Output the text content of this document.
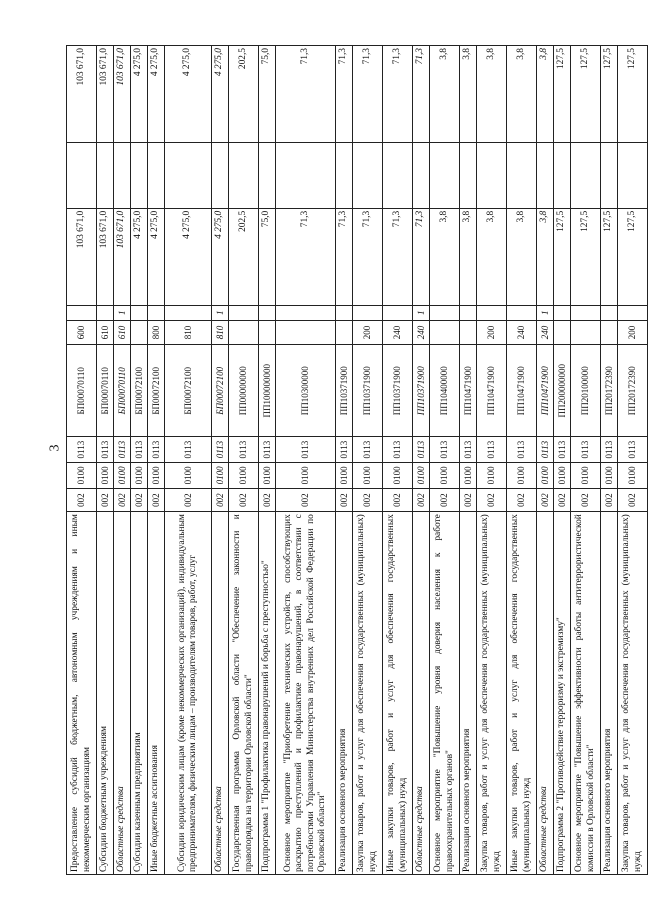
3
Предоставление субсидий бюджетным, автономным учреждениям и иным некоммерческим организациям	002	0100	0113	БП00070110	600		103 671,0		103 671,0
Субсидии бюджетным учреждениям	002	0100	0113	БП00070110	610		103 671,0		103 671,0
Областные средства	002	0100	0113	БП00070110	610	1	103 671,0		103 671,0
Субсидии казенным предприятиям	002	0100	0113	БП00072100			4 275,0		4 275,0
Иные бюджетные ассигнования	002	0100	0113	БП00072100	800		4 275,0		4 275,0
Субсидии юридическим лицам (кроме некоммерческих организаций), индивидуальным предпринимателям, физическим лицам – производителям товаров, работ, услуг	002	0100	0113	БП00072100	810		4 275,0		4 275,0
Областные средства	002	0100	0113	БП00072100	810	1	4 275,0		4 275,0
Государственная программа Орловской области "Обеспечение законности и правопорядка на территории Орловской области"	002	0100	0113	ПП00000000			202,5		202,5
Подпрограмма 1 "Профилактика правонарушений и борьба с преступностью"	002	0100	0113	ПП100000000			75,0		75,0
Основное мероприятие "Приобретение технических устройств, способствующих раскрытию преступлений и профилактике правонарушений, в соответствии с потребностями Управления Министерства внутренних дел Российской Федерации по Орловской области"	002	0100	0113	ПП10300000			71,3		71,3
Реализация основного мероприятия	002	0100	0113	ПП10371900			71,3		71,3
Закупка товаров, работ и услуг для обеспечения государственных (муниципальных) нужд	002	0100	0113	ПП10371900	200		71,3		71,3
Иные закупки товаров, работ и услуг для обеспечения государственных (муниципальных) нужд	002	0100	0113	ПП10371900	240		71,3		71,3
Областные средства	002	0100	0113	ПП10371900	240	1	71,3		71,3
Основное мероприятие "Повышение уровня доверия населения к работе правоохранительных органов"	002	0100	0113	ПП10400000			3,8		3,8
Реализация основного мероприятия	002	0100	0113	ПП10471900			3,8		3,8
Закупка товаров, работ и услуг для обеспечения государственных (муниципальных) нужд	002	0100	0113	ПП10471900	200		3,8		3,8
Иные закупки товаров, работ и услуг для обеспечения государственных (муниципальных) нужд	002	0100	0113	ПП10471900	240		3,8		3,8
Областные средства	002	0100	0113	ПП10471900	240	1	3,8		3,8
Подпрограмма 2 "Противодействие терроризму и экстремизму"	002	0100	0113	ПП200000000			127,5		127,5
Основное мероприятие "Повышение эффективности работы антитеррористической комиссии в Орловской области"	002	0100	0113	ПП20100000			127,5		127,5
Реализация основного мероприятия	002	0100	0113	ПП20172390			127,5		127,5
Закупка товаров, работ и услуг для обеспечения государственных (муниципальных) нужд	002	0100	0113	ПП20172390	200		127,5		127,5
